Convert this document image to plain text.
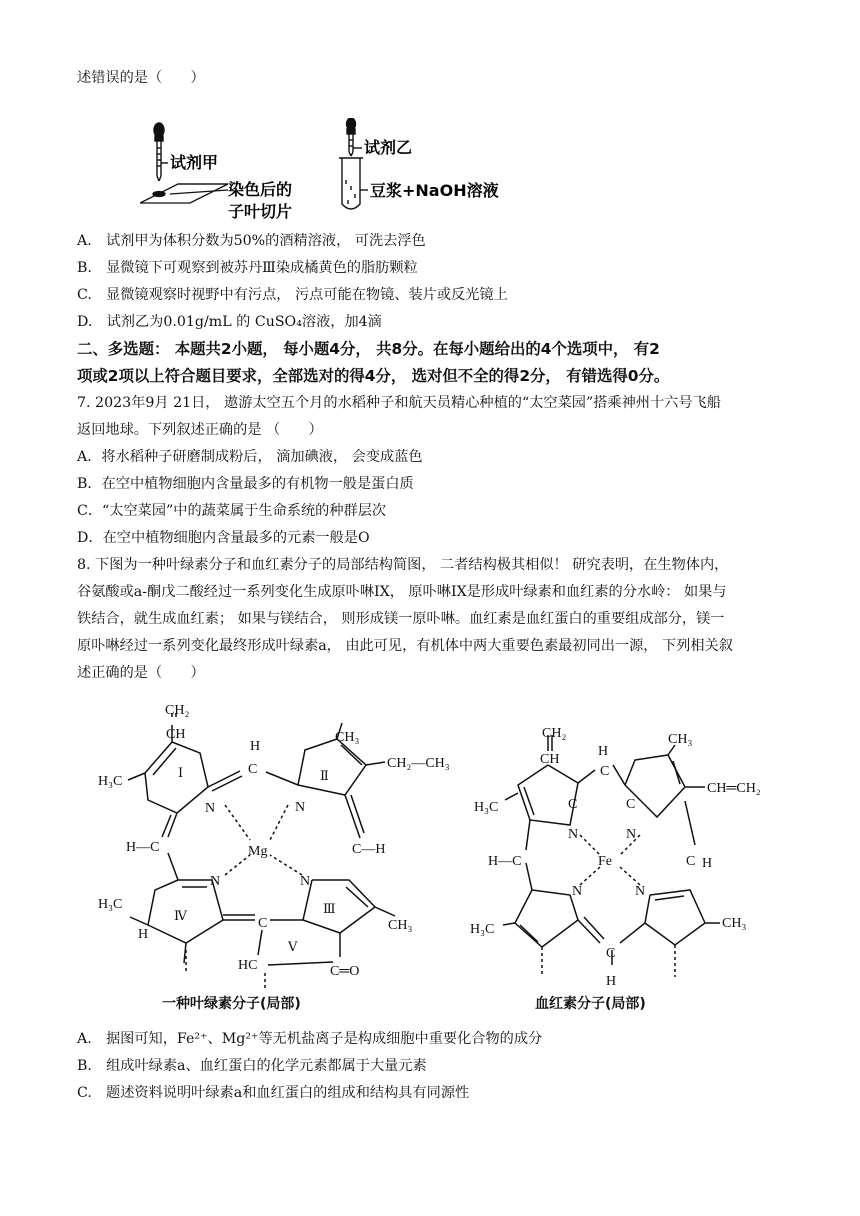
述错误的是（　　）
试剂甲
染色后的
子叶切片
试剂乙
豆浆+NaOH溶液
A.　试剂甲为体积分数为50%的酒精溶液， 可洗去浮色
B.　显微镜下可观察到被苏丹Ⅲ染成橘黄色的脂肪颗粒
C.　显微镜观察时视野中有污点， 污点可能在物镜、装片或反光镜上
D.　试剂乙为0.01g/mL 的 CuSO₄溶液，加4滴
二、多选题： 本题共2小题， 每小题4分， 共8分。在每小题给出的4个选项中， 有2
项或2项以上符合题目要求，全部选对的得4分， 选对但不全的得2分， 有错选得0分。
7. 2023年9月 21日， 遨游太空五个月的水稻种子和航天员精心种植的“太空菜园”搭乘神州十六号飞船
返回地球。下列叙述正确的是 （　　）
A．将水稻种子研磨制成粉后， 滴加碘液， 会变成蓝色
B．在空中植物细胞内含量最多的有机物一般是蛋白质
C．“太空菜园”中的蔬菜属于生命系统的种群层次
D．在空中植物细胞内含量最多的元素一般是O
8. 下图为一种叶绿素分子和血红素分子的局部结构简图， 二者结构极其相似！ 研究表明，在生物体内，
谷氨酸或a-酮戊二酸经过一系列变化生成原卟啉IX， 原卟啉IX是形成叶绿素和血红素的分水岭： 如果与
铁结合，就生成血红素； 如果与镁结合， 则形成镁一原卟啉。血红素是血红蛋白的重要组成部分，镁一
原卟啉经过一系列变化最终形成叶绿素a， 由此可见，有机体中两大重要色素最初同出一源， 下列相关叙
述正确的是（　　）
CH₂
CH
H₃C
Ⅰ
N
H
C
CH₃
Ⅱ
N
CH₂—CH₃
H—C	Mg	C—H
N	N
H₃C
Ⅳ
H
C
Ⅲ
CH₃
Ⅴ
HC	C═O
一种叶绿素分子(局部)
CH₂
CH
H₃C	C
N
H
C
CH₃
C
N
CH═CH₂
H—C	Fe	C H
N	N
H₃C	CH₃
C
H
血红素分子(局部)
A.　据图可知，Fe²⁺、Mg²⁺等无机盐离子是构成细胞中重要化合物的成分
B.　组成叶绿素a、血红蛋白的化学元素都属于大量元素
C.　题述资料说明叶绿素a和血红蛋白的组成和结构具有同源性
